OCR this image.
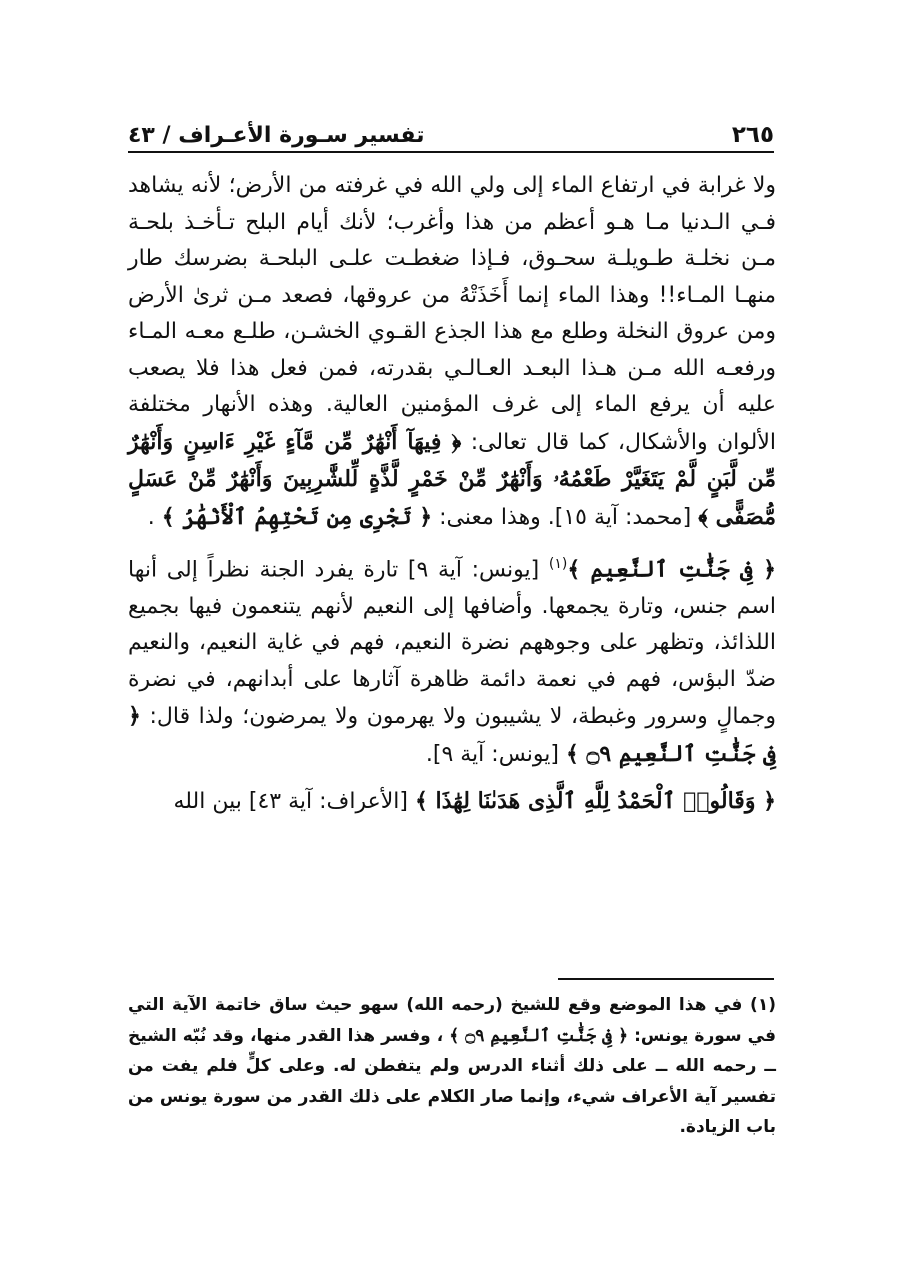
تفسير سـورة الأعـراف / ٤٣	٢٦٥

ولا غرابة في ارتفاع الماء إلى ولي الله في غرفته من الأرض؛ لأنه يشاهد فـي الـدنيا مـا هـو أعظم من هذا وأغرب؛ لأنك أيام البلح تـأخـذ بلحـة مـن نخلـة طـويلـة سحـوق، فـإذا ضغطـت علـى البلحـة بضرسك طار منهـا المـاء!! وهذا الماء إنما أَخَذَتْهُ من عروقها، فصعد مـن ثرىٰ الأرض ومن عروق النخلة وطلع مع هذا الجذع القـوي الخشـن، طلـع معـه المـاء ورفعـه الله مـن هـذا البعـد العـالـي بقدرته، فمن فعل هذا فلا يصعب عليه أن يرفع الماء إلى غرف المؤمنين العالية. وهذه الأنهار مختلفة الألوان والأشكال، كما قال تعالى: ﴿ فِيهَآ أَنْهَٰرٌ مِّن مَّآءٍ غَيْرِ ءَاسِنٍ وَأَنْهَٰرٌ مِّن لَّبَنٍ لَّمْ يَتَغَيَّرْ طَعْمُهُۥ وَأَنْهَٰرٌ مِّنْ خَمْرٍ لَّذَّةٍ لِّلشَّٰرِبِينَ وَأَنْهَٰرٌ مِّنْ عَسَلٍ مُّصَفًّى ﴾ [محمد: آية ١٥]. وهذا معنى: ﴿ تَجْرِى مِن تَحْتِهِمُ ٱلْأَنْهَٰرُ ﴾ .

﴿ فِى جَنَّٰتِ ٱلنَّعِيمِ ﴾$^{(١)}$ [يونس: آية ٩] تارة يفرد الجنة نظراً إلى أنها اسم جنس، وتارة يجمعها. وأضافها إلى النعيم لأنهم يتنعمون فيها بجميع اللذائذ، وتظهر على وجوههم نضرة النعيم، فهم في غاية النعيم، والنعيم ضدّ البؤس، فهم في نعمة دائمة ظاهرة آثارها على أبدانهم، في نضرة وجمالٍ وسرور وغبطة، لا يشيبون ولا يهرمون ولا يمرضون؛ ولذا قال: ﴿ فِى جَنَّٰتِ ٱلنَّعِيمِ ۝٩ ﴾ [يونس: آية ٩].

﴿ وَقَالُوا۟ ٱلْحَمْدُ لِلَّهِ ٱلَّذِى هَدَىٰنَا لِهَٰذَا ﴾ [الأعراف: آية ٤٣] بين الله

(١) في هذا الموضع وقع للشيخ (رحمه الله) سهو حيث ساق خاتمة الآية التي في سورة يونس: ﴿ فِى جَنَّٰتِ ٱلنَّعِيمِ ۝٩ ﴾ ، وفسر هذا القدر منها، وقد نُبّه الشيخ ــ رحمه الله ــ على ذلك أثناء الدرس ولم يتفطن له. وعلى كلٍّ فلم يفت من تفسير آية الأعراف شيء، وإنما صار الكلام على ذلك القدر من سورة يونس من باب الزيادة.
